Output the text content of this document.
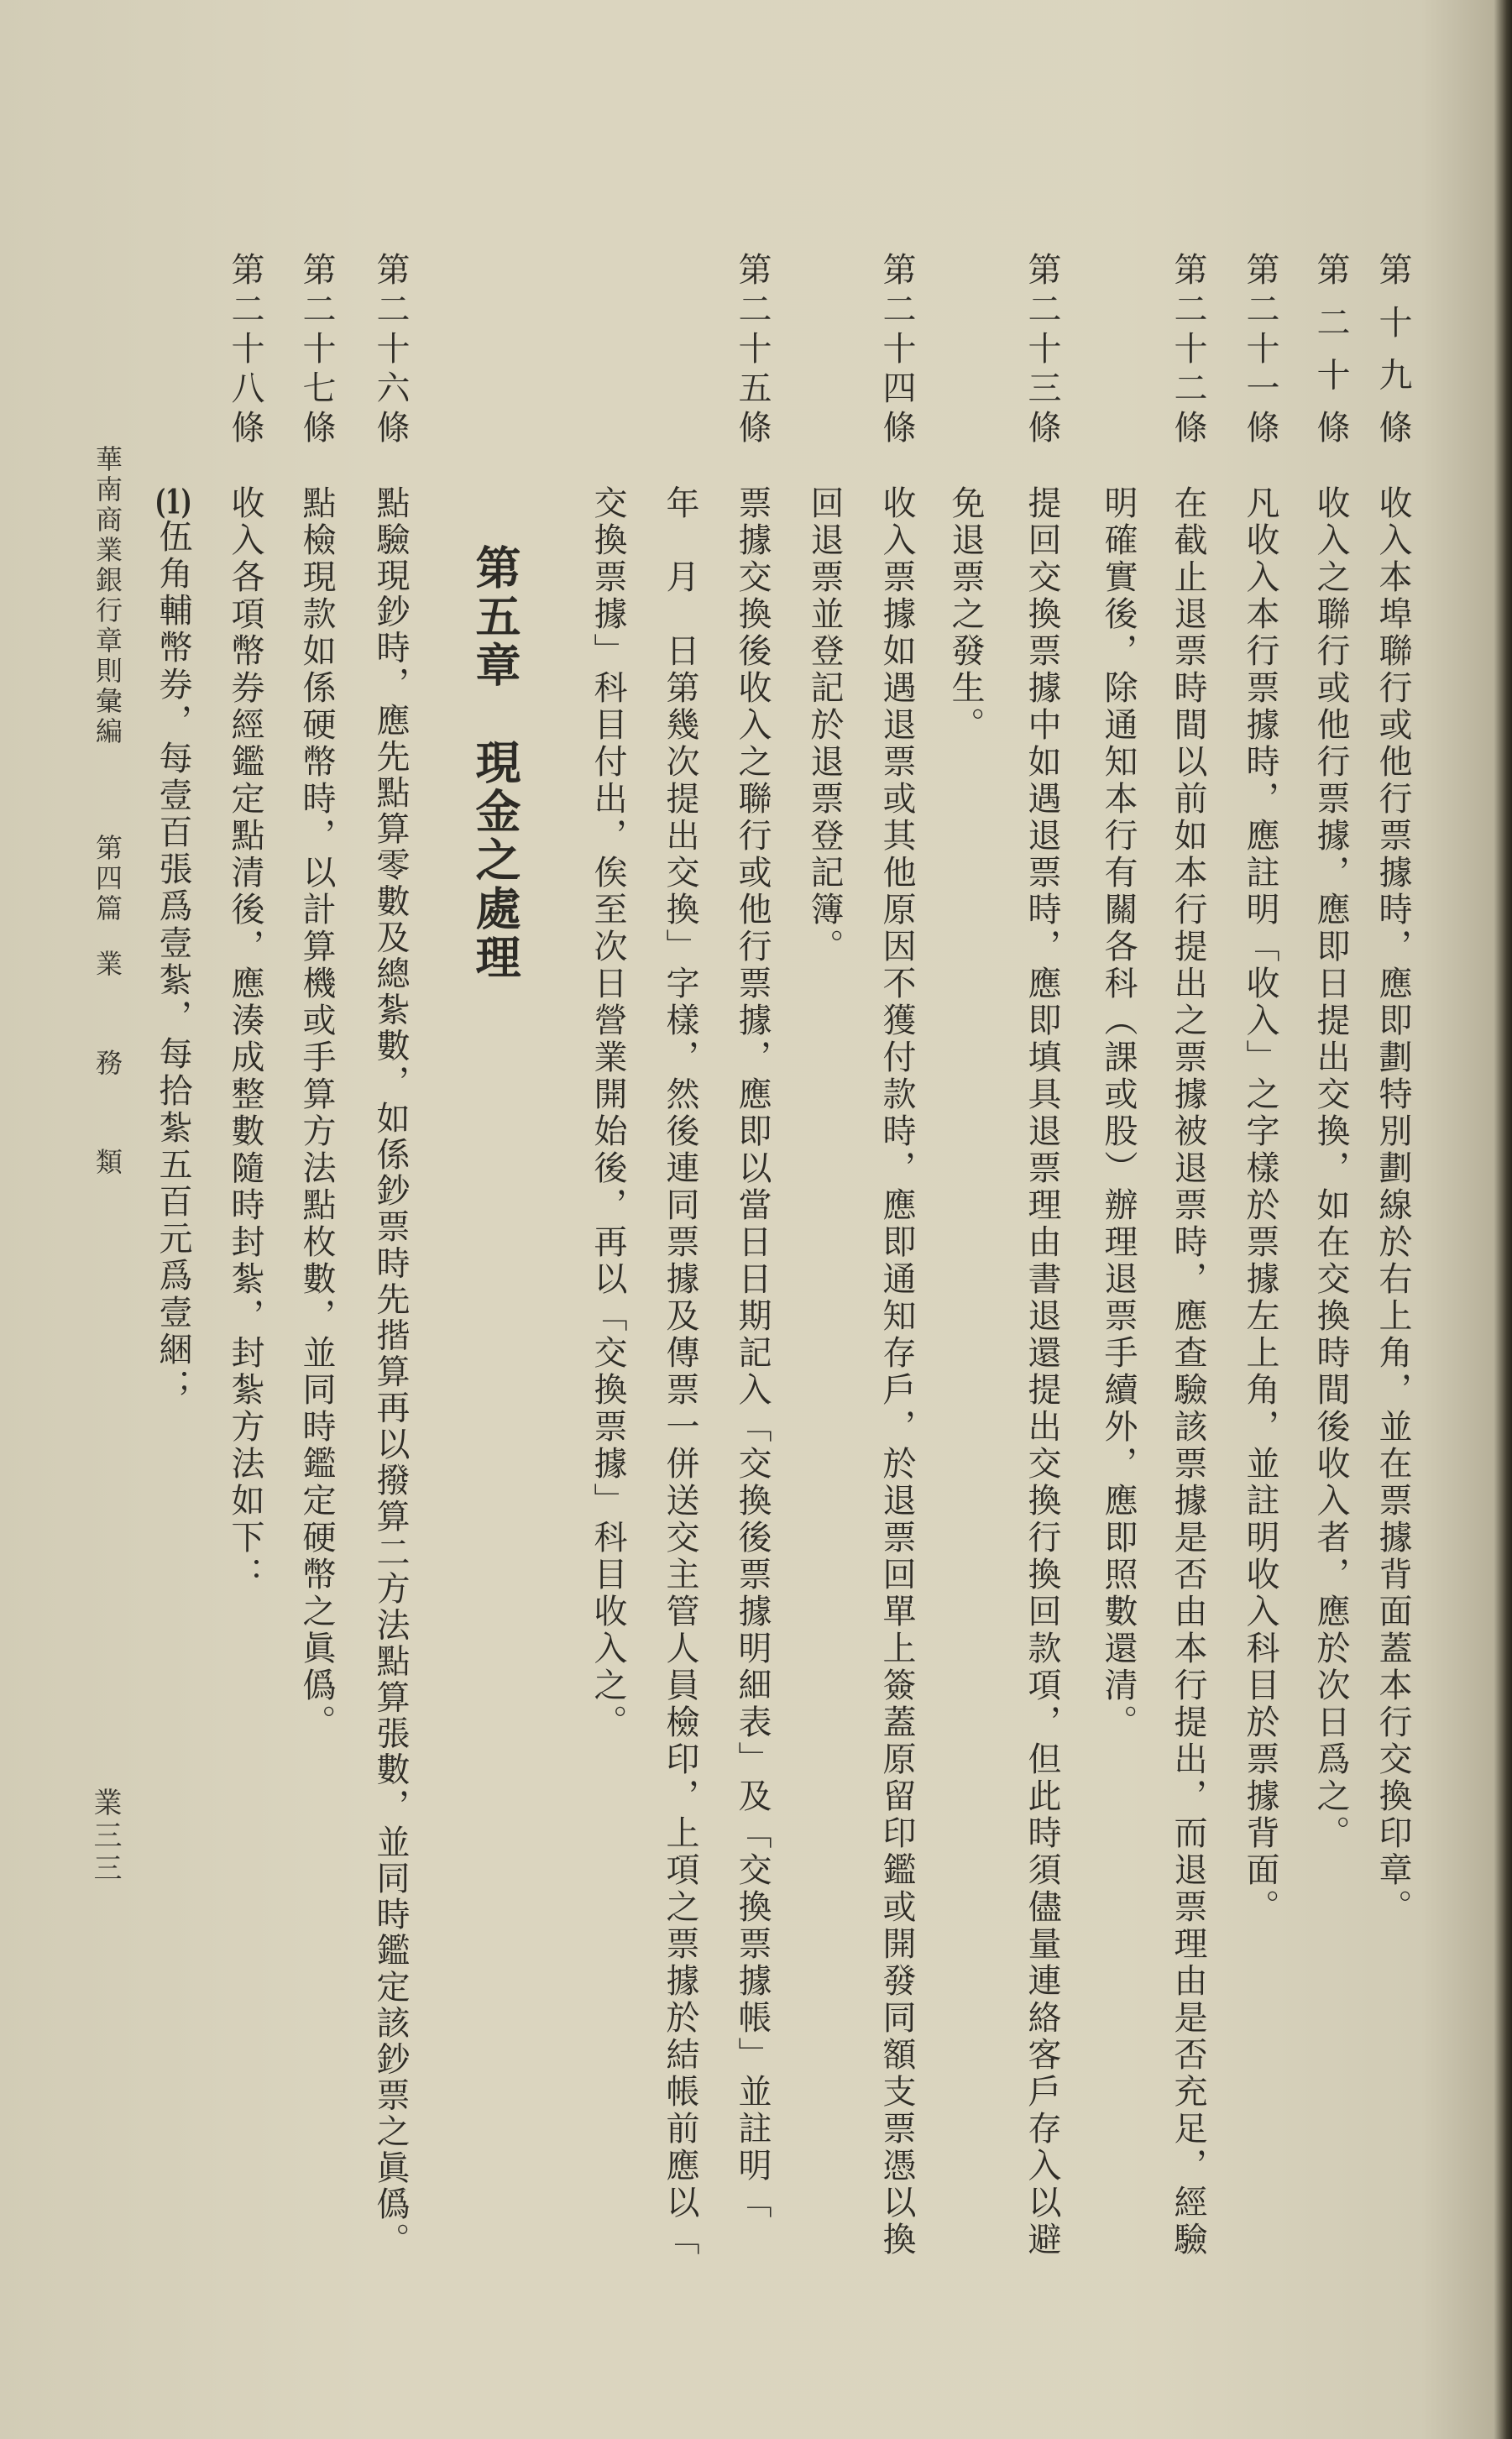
第十九條
收入本埠聯行或他行票據時，應即劃特別劃線於右上角，並在票據背面蓋本行交換印章。
第二十條
收入之聯行或他行票據，應即日提出交換，如在交換時間後收入者，應於次日爲之。
第二十一條
凡收入本行票據時，應註明「收入」之字樣於票據左上角，並註明收入科目於票據背面。
第二十二條
在截止退票時間以前如本行提出之票據被退票時，應查驗該票據是否由本行提出，而退票理由是否充足，經驗
明確實後，除通知本行有關各科（課或股）辦理退票手續外，應即照數還清。
第二十三條
提回交換票據中如遇退票時，應即填具退票理由書退還提出交換行換回款項，但此時須儘量連絡客戶存入以避
免退票之發生。
第二十四條
收入票據如遇退票或其他原因不獲付款時，應即通知存戶，於退票回單上簽蓋原留印鑑或開發同額支票憑以換
回退票並登記於退票登記簿。
第二十五條
票據交換後收入之聯行或他行票據，應即以當日日期記入「交換後票據明細表」及「交換票據帳」並註明「
年　月　日第幾次提出交換」字樣，然後連同票據及傳票一併送交主管人員檢印，上項之票據於結帳前應以「
交換票據」科目付出，俟至次日營業開始後，再以「交換票據」科目收入之。
第五章　現金之處理
第二十六條
點驗現鈔時，應先點算零數及總紮數，如係鈔票時先揩算再以撥算二方法點算張數，並同時鑑定該鈔票之眞僞。
第二十七條
點檢現款如係硬幣時，以計算機或手算方法點枚數，並同時鑑定硬幣之眞僞。
第二十八條
收入各項幣券經鑑定點清後，應湊成整數隨時封紮，封紮方法如下：
(1)伍角輔幣券，每壹百張爲壹紮，每拾紮五百元爲壹綑；
華南商業銀行章則彙編
第四篇
業務類
業三三
